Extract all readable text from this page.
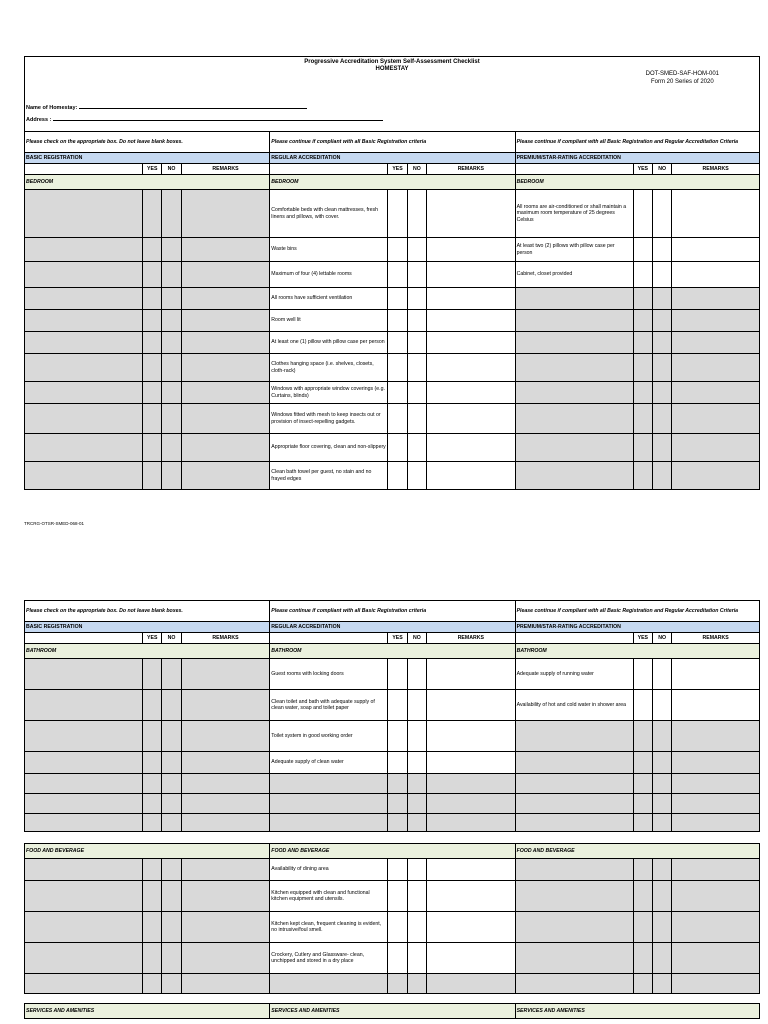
Progressive Accreditation System Self-Assessment Checklist
HOMESTAY
DOT-SMED-SAF-HOM-001
Form 20 Series of 2020
Name of Homestay:
Address :
Please check on the appropriate box. Do not leave blank boxes.				Please continue if compliant with all Basic Registration criteria				Please continue if compliant with all Basic Registration and Regular Accreditation Criteria			
BASIC REGISTRATION				REGULAR ACCREDITATION				PREMIUM/STAR-RATING ACCREDITATION			
	YES	NO	REMARKS		YES	NO	REMARKS		YES	NO	REMARKS
BEDROOM				BEDROOM				BEDROOM			
				Comfortable beds with clean mattresses, fresh linens and pillows, with cover.				All rooms are air-conditioned or shall maintain a maximum room temperature of 25 degrees Celsius			
				Waste bins				At least two (2) pillows with pillow case per person			
				Maximum of four (4) lettable rooms				Cabinet, closet provided			
				All rooms have sufficient ventilation							
				Room well lit							
				At least one (1) pillow with pillow case per person							
				Clothes hanging space (i.e. shelves, closets, cloth-rack)							
				Windows with appropriate window coverings (e.g. Curtains, blinds)							
				Windows fitted with mesh to keep insects out or provision of insect-repelling gadgets.							
				Appropriate floor covering, clean and non-slippery							
				Clean bath towel per guest, no stain and no frayed edges							
TRCRG-OTSR-SMED-068-01
Please check on the appropriate box. Do not leave blank boxes.				Please continue if compliant with all Basic Registration criteria				Please continue if compliant with all Basic Registration and Regular Accreditation Criteria			
BASIC REGISTRATION				REGULAR ACCREDITATION				PREMIUM/STAR-RATING ACCREDITATION			
	YES	NO	REMARKS		YES	NO	REMARKS		YES	NO	REMARKS
BATHROOM				BATHROOM				BATHROOM			
				Guest rooms with locking doors				Adequate supply of running water			
				Clean toilet and bath with adequate supply of clean water, soap and toilet paper				Availability of hot and cold water in shower area			
				Toilet system in good working order							
				Adequate supply of clean water							

FOOD AND BEVERAGE				FOOD AND BEVERAGE				FOOD AND BEVERAGE			
				Availability of dining area							
				Kitchen equipped with clean and functional kitchen equipment and utensils.							
				Kitchen kept clean, frequent cleaning is evident, no intrusive/foul smell.							
				Crockery, Cutlery and Glassware- clean, unchipped and stored in a dry place							

SERVICES AND AMENITIES				SERVICES AND AMENITIES				SERVICES AND AMENITIES			
